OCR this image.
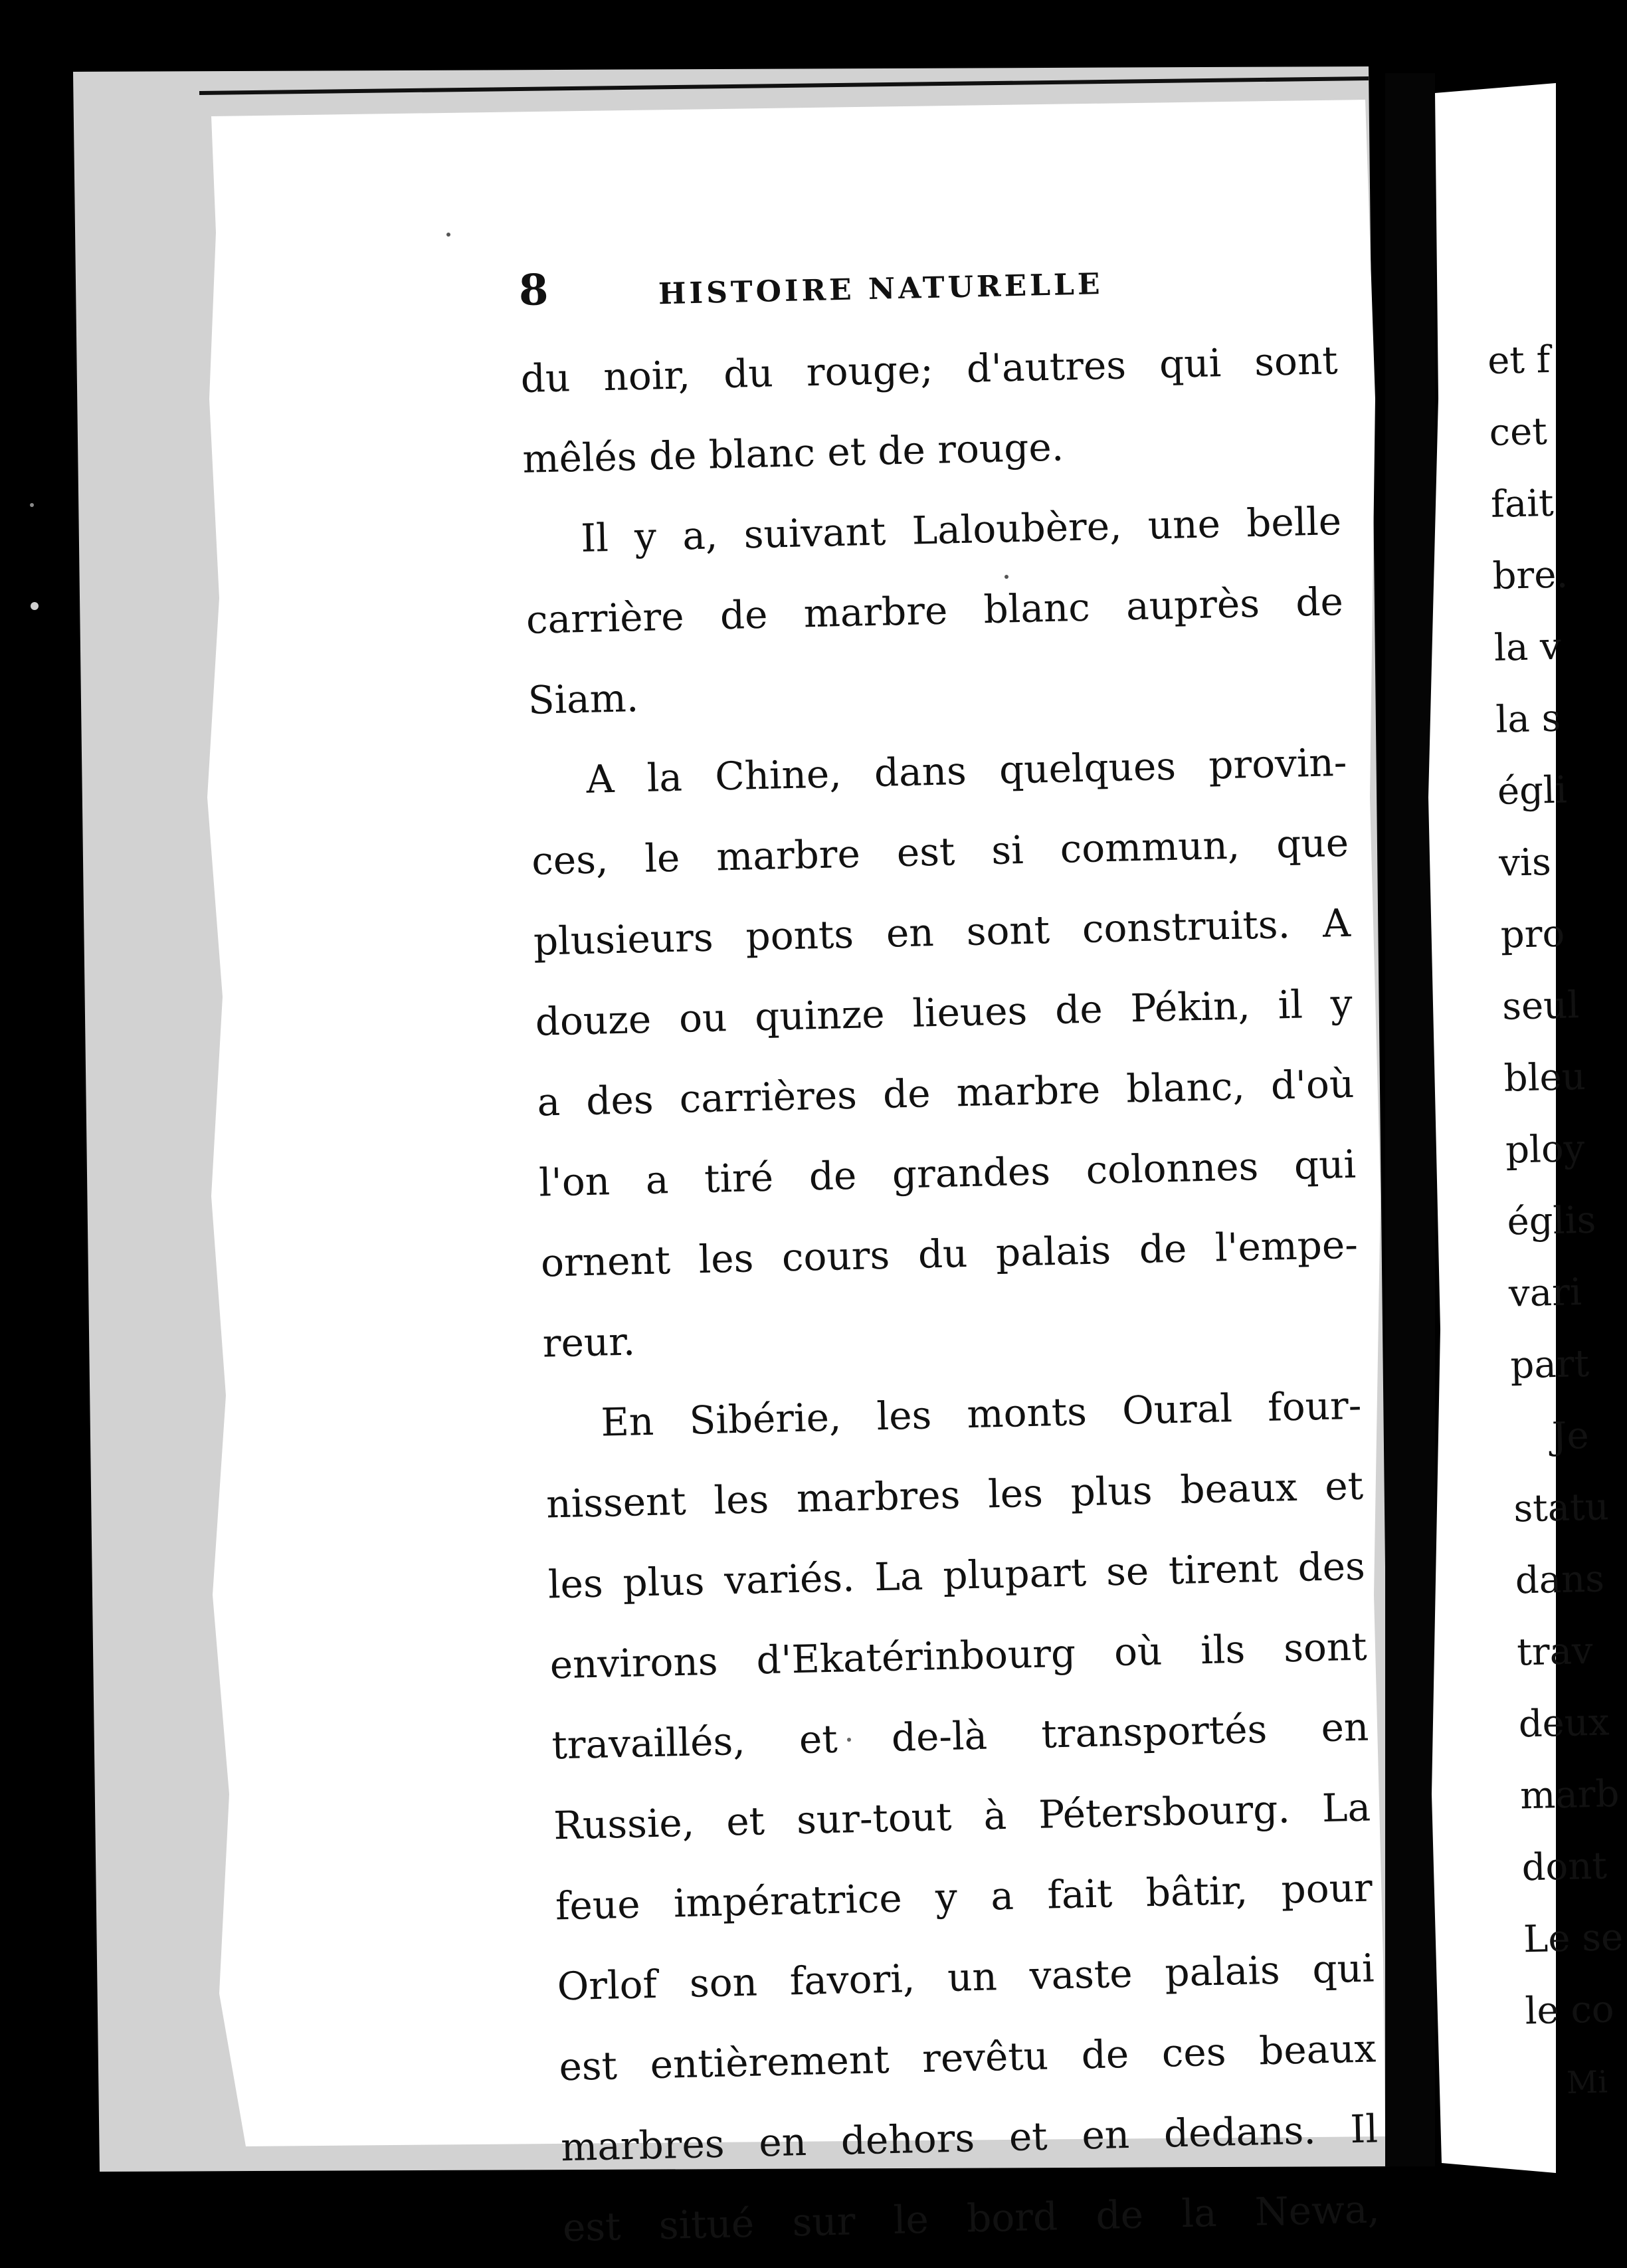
8	HISTOIRE NATURELLE
du noir, du rouge; d'autres qui sont
mêlés de blanc et de rouge.
Il y a, suivant Laloubère, une belle
carrière de marbre blanc auprès de
Siam.
A la Chine, dans quelques provin-
ces, le marbre est si commun, que
plusieurs ponts en sont construits. A
douze ou quinze lieues de Pékin, il y
a des carrières de marbre blanc, d'où
l'on a tiré de grandes colonnes qui
ornent les cours du palais de l'empe-
reur.
En Sibérie, les monts Oural four-
nissent les marbres les plus beaux et
les plus variés. La plupart se tirent des
environs d'Ekatérinbourg où ils sont
travaillés, et de-là transportés en
Russie, et sur-tout à Pétersbourg. La
feue impératrice y a fait bâtir, pour
Orlof son favori, un vaste palais qui
est entièrement revêtu de ces beaux
marbres en dehors et en dedans. Il
est situé sur le bord de la Newa,
et f
cet
fait
bre.
la v
la s
égli
vis
pro
seul
bleu
ploy
églis
vari
part
Je
statu
dans
trav
deux
marb
dont
Le se
le co
Mi
